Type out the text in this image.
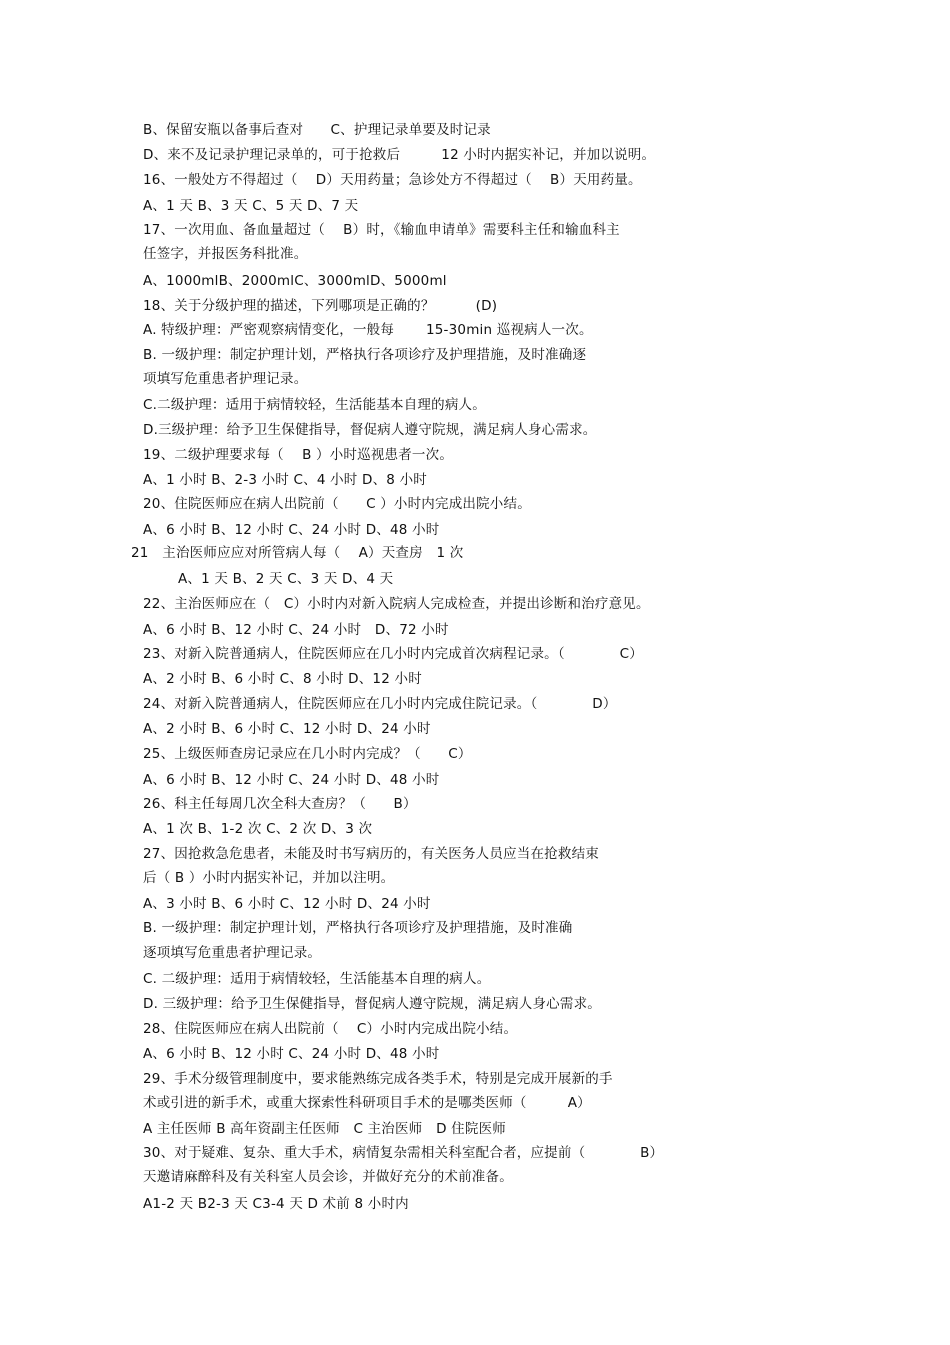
B、保留安瓶以备事后查对　　C、护理记录单要及时记录
D、来不及记录护理记录单的，可于抢救后　　　12 小时内据实补记，并加以说明。
16、一般处方不得超过（　 D）天用药量；急诊处方不得超过（　 B）天用药量。
A、1 天 B、3 天 C、5 天 D、7 天
17、一次用血、备血量超过（　 B）时，《输血申请单》需要科主任和输血科主
任签字，并报医务科批准。
A、1000mlB、2000mlC、3000mlD、5000ml
18、关于分级护理的描述，下列哪项是正确的？　　　(D)
A. 特级护理：严密观察病情变化，一般每　　 15-30min 巡视病人一次。
B. 一级护理：制定护理计划，严格执行各项诊疗及护理措施，及时准确逐
项填写危重患者护理记录。
C.二级护理：适用于病情较轻，生活能基本自理的病人。
D.三级护理：给予卫生保健指导，督促病人遵守院规，满足病人身心需求。
19、二级护理要求每（　 B ）小时巡视患者一次。
A、1 小时 B、2-3 小时 C、4 小时 D、8 小时
20、住院医师应在病人出院前（　　C ）小时内完成出院小结。
A、6 小时 B、12 小时 C、24 小时 D、48 小时
21　主治医师应应对所管病人每（　 A）天查房　1 次
A、1 天 B、2 天 C、3 天 D、4 天
22、主治医师应在（　C）小时内对新入院病人完成检查，并提出诊断和治疗意见。
A、6 小时 B、12 小时 C、24 小时　D、72 小时
23、对新入院普通病人，住院医师应在几小时内完成首次病程记录。（　　　　C）
A、2 小时 B、6 小时 C、8 小时 D、12 小时
24、对新入院普通病人，住院医师应在几小时内完成住院记录。（　　　　D）
A、2 小时 B、6 小时 C、12 小时 D、24 小时
25、上级医师查房记录应在几小时内完成？（　　C）
A、6 小时 B、12 小时 C、24 小时 D、48 小时
26、科主任每周几次全科大查房？（　　B）
A、1 次 B、1-2 次 C、2 次 D、3 次
27、因抢救急危患者，未能及时书写病历的，有关医务人员应当在抢救结束
后（ B ）小时内据实补记，并加以注明。
A、3 小时 B、6 小时 C、12 小时 D、24 小时
B. 一级护理：制定护理计划，严格执行各项诊疗及护理措施，及时准确
逐项填写危重患者护理记录。
C. 二级护理：适用于病情较轻，生活能基本自理的病人。
D. 三级护理：给予卫生保健指导，督促病人遵守院规，满足病人身心需求。
28、住院医师应在病人出院前（　 C）小时内完成出院小结。
A、6 小时 B、12 小时 C、24 小时 D、48 小时
29、手术分级管理制度中，要求能熟练完成各类手术，特别是完成开展新的手
术或引进的新手术，或重大探索性科研项目手术的是哪类医师（　　　A）
A 主任医师 B 高年资副主任医师　C 主治医师　D 住院医师
30、对于疑难、复杂、重大手术，病情复杂需相关科室配合者，应提前（　　　　B）
天邀请麻醉科及有关科室人员会诊，并做好充分的术前准备。
A1-2 天 B2-3 天 C3-4 天 D 术前 8 小时内
